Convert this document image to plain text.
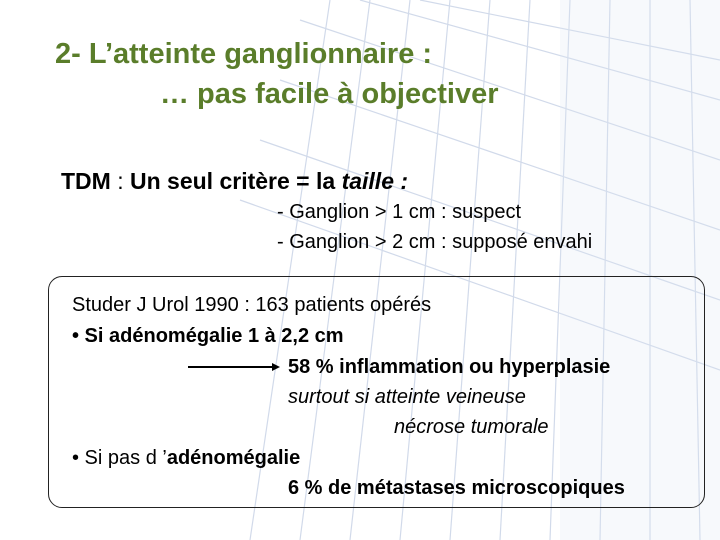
2- L’atteinte ganglionnaire :
… pas facile à objectiver
TDM : Un seul critère = la taille :
- Ganglion > 1 cm : suspect
- Ganglion > 2 cm : supposé envahi
Studer J Urol 1990 : 163 patients opérés
• Si adénomégalie 1 à 2,2 cm
58 % inflammation ou hyperplasie
surtout si atteinte veineuse
nécrose tumorale
• Si pas d ’adénomégalie
6 % de métastases microscopiques
